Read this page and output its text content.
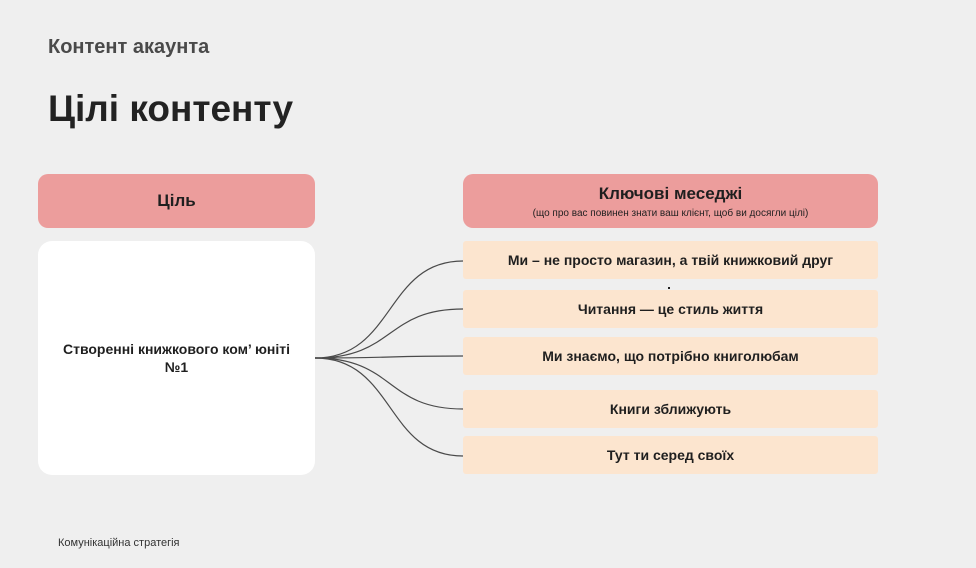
Контент акаунта
Цілі контенту
Ціль	Ключові меседжі
(що про вас повинен знати ваш клієнт, щоб ви досягли цілі)
Створенні книжкового ком’ юніті №1
Ми – не просто магазин, а твій книжковий друг
Читання — це стиль життя
Ми знаємо, що потрібно книголюбам
Книги зближують
Тут ти серед своїх
Комунікаційна стратегія
